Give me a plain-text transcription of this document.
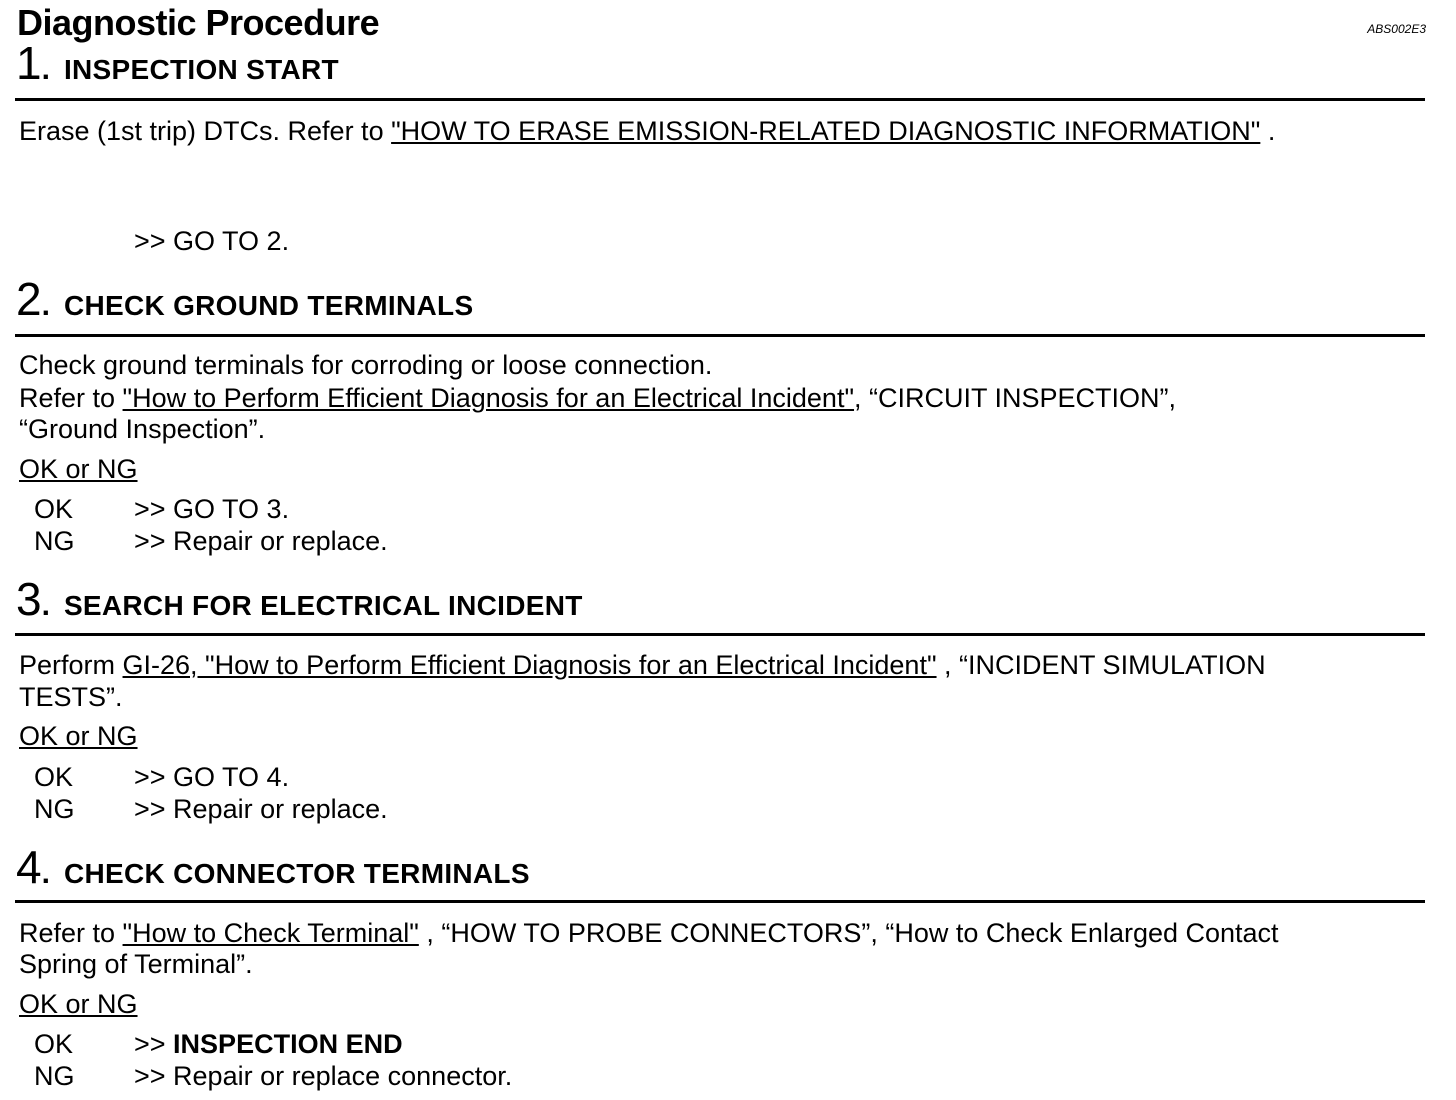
Diagnostic Procedure	ABS002E3
1. INSPECTION START
Erase (1st trip) DTCs. Refer to "HOW TO ERASE EMISSION-RELATED DIAGNOSTIC INFORMATION" .
>> GO TO 2.
2. CHECK GROUND TERMINALS
Check ground terminals for corroding or loose connection.
Refer to "How to Perform Efficient Diagnosis for an Electrical Incident", “CIRCUIT INSPECTION”,
“Ground Inspection”.
OK or NG
OK >> GO TO 3.
NG >> Repair or replace.
3. SEARCH FOR ELECTRICAL INCIDENT
Perform GI-26, "How to Perform Efficient Diagnosis for an Electrical Incident" , “INCIDENT SIMULATION
TESTS”.
OK or NG
OK >> GO TO 4.
NG >> Repair or replace.
4. CHECK CONNECTOR TERMINALS
Refer to "How to Check Terminal" , “HOW TO PROBE CONNECTORS”, “How to Check Enlarged Contact
Spring of Terminal”.
OK or NG
OK >> INSPECTION END
NG >> Repair or replace connector.
